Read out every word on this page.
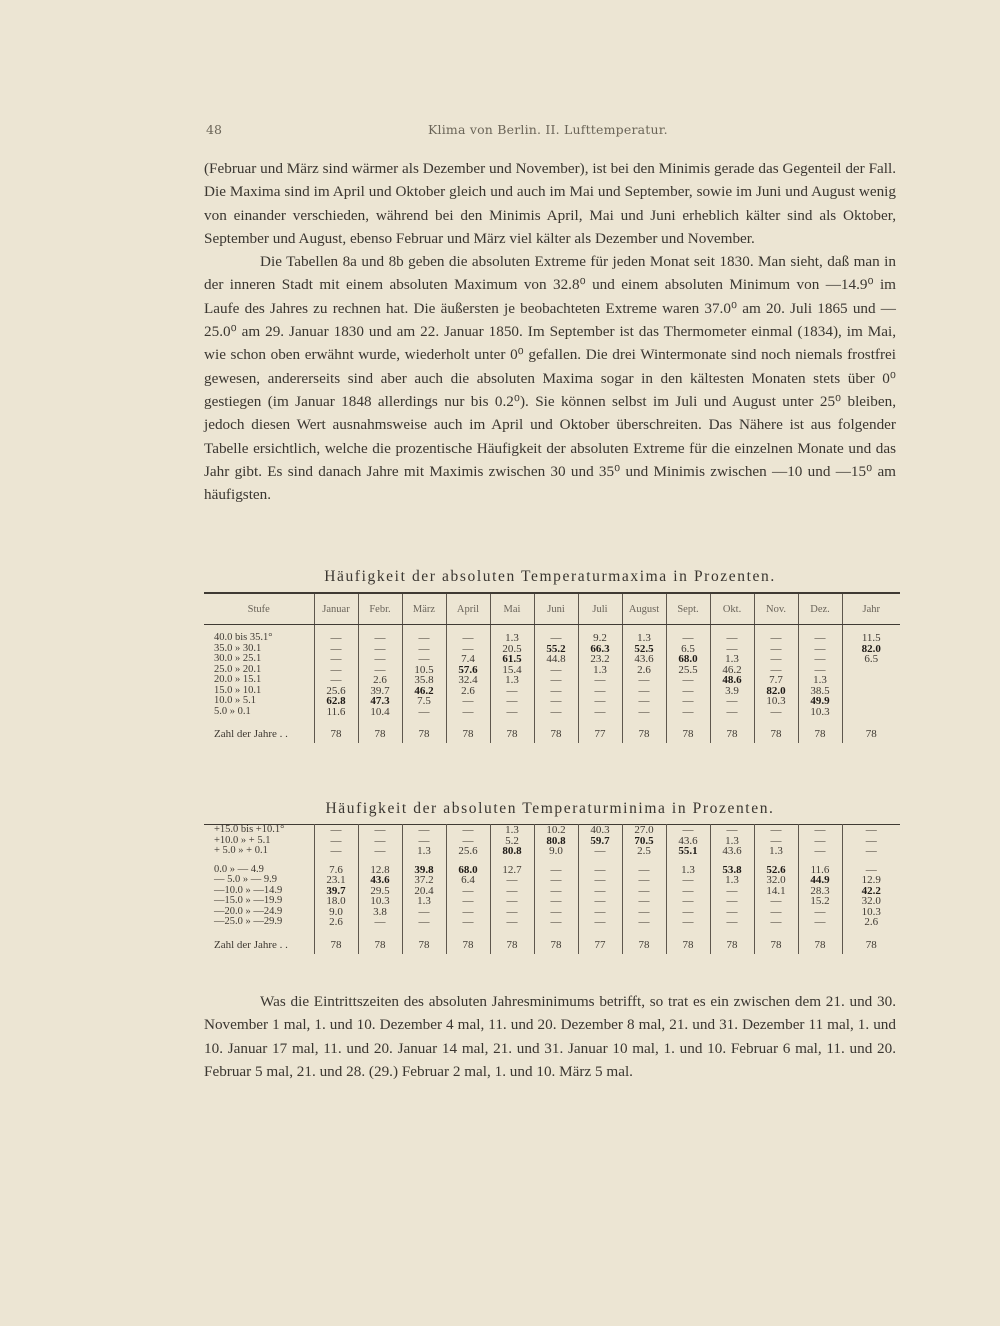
48	Klima von Berlin. II. Lufttemperatur.

(Februar und März sind wärmer als Dezember und November), ist bei den Minimis gerade das Gegenteil der Fall. Die Maxima sind im April und Oktober gleich und auch im Mai und September, sowie im Juni und August wenig von einander verschieden, während bei den Minimis April, Mai und Juni erheblich kälter sind als Oktober, September und August, ebenso Februar und März viel kälter als Dezember und November.

Die Tabellen 8a und 8b geben die absoluten Extreme für jeden Monat seit 1830. Man sieht, daß man in der inneren Stadt mit einem absoluten Maximum von 32.8⁰ und einem absoluten Minimum von —14.9⁰ im Laufe des Jahres zu rechnen hat. Die äußersten je beobachteten Extreme waren 37.0⁰ am 20. Juli 1865 und —25.0⁰ am 29. Januar 1830 und am 22. Januar 1850. Im September ist das Thermometer einmal (1834), im Mai, wie schon oben erwähnt wurde, wiederholt unter 0⁰ gefallen. Die drei Wintermonate sind noch niemals frostfrei gewesen, andererseits sind aber auch die absoluten Maxima sogar in den kältesten Monaten stets über 0⁰ gestiegen (im Januar 1848 allerdings nur bis 0.2⁰). Sie können selbst im Juli und August unter 25⁰ bleiben, jedoch diesen Wert ausnahmsweise auch im April und Oktober überschreiten. Das Nähere ist aus folgender Tabelle ersichtlich, welche die prozentische Häufigkeit der absoluten Extreme für die einzelnen Monate und das Jahr gibt. Es sind danach Jahre mit Maximis zwischen 30 und 35⁰ und Minimis zwischen —10 und —15⁰ am häufigsten.

Häufigkeit der absoluten Temperaturmaxima in Prozenten.
Stufe	Januar	Febr.	März	April	Mai	Juni	Juli	August	Sept.	Okt.	Nov.	Dez.	Jahr

40.0 bis 35.1°	—	—	—	—	1.3	—	9.2	1.3	—	—	—	—	11.5
35.0 » 30.1	—	—	—	—	20.5	55.2	66.3	52.5	6.5	—	—	—	82.0
30.0 » 25.1	—	—	—	7.4	61.5	44.8	23.2	43.6	68.0	1.3	—	—	6.5
25.0 » 20.1	—	—	10.5	57.6	15.4	—	1.3	2.6	25.5	46.2	—	—	
20.0 » 15.1	—	2.6	35.8	32.4	1.3	—	—	—	—	48.6	7.7	1.3	
15.0 » 10.1	25.6	39.7	46.2	2.6	—	—	—	—	—	3.9	82.0	38.5	
10.0 » 5.1	62.8	47.3	7.5	—	—	—	—	—	—	—	10.3	49.9	
5.0 » 0.1	11.6	10.4	—	—	—	—	—	—	—	—	—	10.3	

Zahl der Jahre . .	78	78	78	78	78	78	77	78	78	78	78	78	78
Häufigkeit der absoluten Temperaturminima in Prozenten.
+15.0 bis +10.1°	—	—	—	—	1.3	10.2	40.3	27.0	—	—	—	—	—
+10.0 » + 5.1	—	—	—	—	5.2	80.8	59.7	70.5	43.6	1.3	—	—	—
+ 5.0 » + 0.1	—	—	1.3	25.6	80.8	9.0	—	2.5	55.1	43.6	1.3	—	—

0.0 » — 4.9	7.6	12.8	39.8	68.0	12.7	—	—	—	1.3	53.8	52.6	11.6	—
— 5.0 » — 9.9	23.1	43.6	37.2	6.4	—	—	—	—	—	1.3	32.0	44.9	12.9
—10.0 » —14.9	39.7	29.5	20.4	—	—	—	—	—	—	—	14.1	28.3	42.2
—15.0 » —19.9	18.0	10.3	1.3	—	—	—	—	—	—	—	—	15.2	32.0
—20.0 » —24.9	9.0	3.8	—	—	—	—	—	—	—	—	—	—	10.3
—25.0 » —29.9	2.6	—	—	—	—	—	—	—	—	—	—	—	2.6

Zahl der Jahre . .	78	78	78	78	78	78	77	78	78	78	78	78	78

Was die Eintrittszeiten des absoluten Jahresminimums betrifft, so trat es ein zwischen dem 21. und 30. November 1 mal, 1. und 10. Dezember 4 mal, 11. und 20. Dezember 8 mal, 21. und 31. Dezember 11 mal, 1. und 10. Januar 17 mal, 11. und 20. Januar 14 mal, 21. und 31. Januar 10 mal, 1. und 10. Februar 6 mal, 11. und 20. Februar 5 mal, 21. und 28. (29.) Februar 2 mal, 1. und 10. März 5 mal.
